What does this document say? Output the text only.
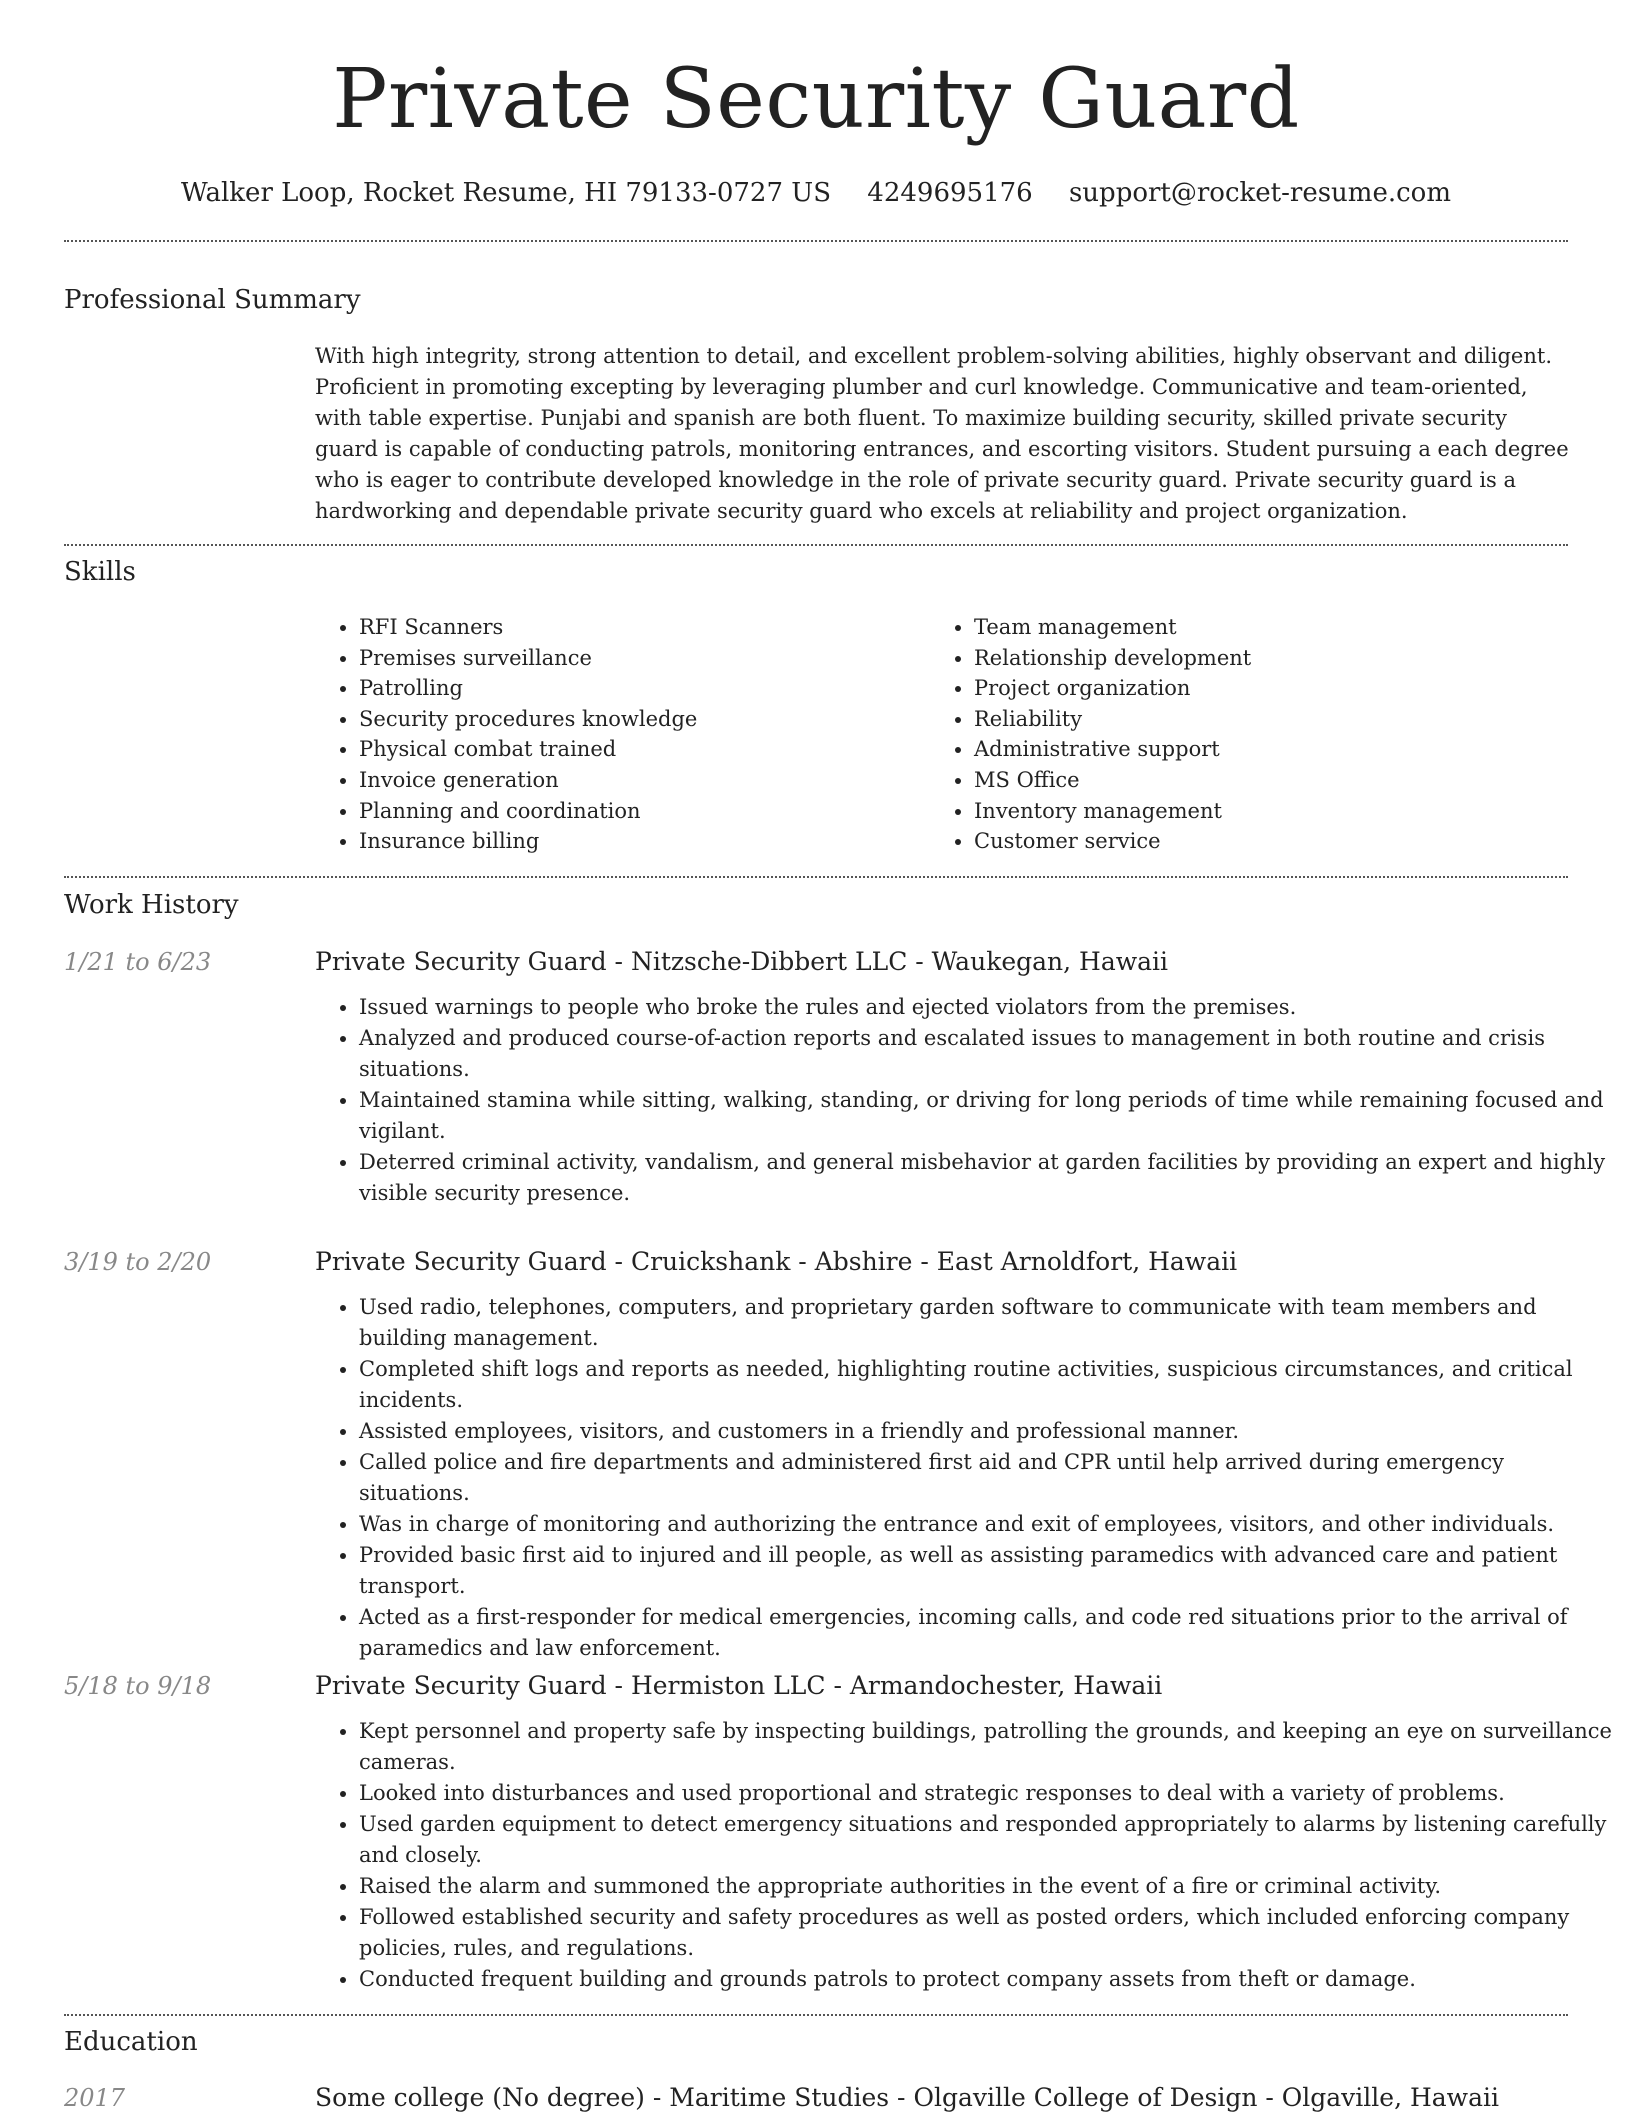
Private Security Guard
Walker Loop, Rocket Resume, HI 79133-0727 US 4249695176 support@rocket-resume.com
Professional Summary

With high integrity, strong attention to detail, and excellent problem-solving abilities, highly observant and diligent. Proficient in promoting excepting by leveraging plumber and curl knowledge. Communicative and team-oriented, with table expertise. Punjabi and spanish are both fluent. To maximize building security, skilled private security guard is capable of conducting patrols, monitoring entrances, and escorting visitors. Student pursuing a each degree who is eager to contribute developed knowledge in the role of private security guard. Private security guard is a hardworking and dependable private security guard who excels at reliability and project organization.

Skills
• RFI Scanners
• Premises surveillance
• Patrolling
• Security procedures knowledge
• Physical combat trained
• Invoice generation
• Planning and coordination
• Insurance billing
• Team management
• Relationship development
• Project organization
• Reliability
• Administrative support
• MS Office
• Inventory management
• Customer service
Work History
1/21 to 6/23	Private Security Guard - Nitzsche-Dibbert LLC - Waukegan, Hawaii
• Issued warnings to people who broke the rules and ejected violators from the premises.
• Analyzed and produced course-of-action reports and escalated issues to management in both routine and crisis situations.
• Maintained stamina while sitting, walking, standing, or driving for long periods of time while remaining focused and vigilant.
• Deterred criminal activity, vandalism, and general misbehavior at garden facilities by providing an expert and highly visible security presence.
3/19 to 2/20	Private Security Guard - Cruickshank - Abshire - East Arnoldfort, Hawaii
• Used radio, telephones, computers, and proprietary garden software to communicate with team members and building management.
• Completed shift logs and reports as needed, highlighting routine activities, suspicious circumstances, and critical incidents.
• Assisted employees, visitors, and customers in a friendly and professional manner.
• Called police and fire departments and administered first aid and CPR until help arrived during emergency situations.
• Was in charge of monitoring and authorizing the entrance and exit of employees, visitors, and other individuals.
• Provided basic first aid to injured and ill people, as well as assisting paramedics with advanced care and patient transport.
• Acted as a first-responder for medical emergencies, incoming calls, and code red situations prior to the arrival of paramedics and law enforcement.
5/18 to 9/18	Private Security Guard - Hermiston LLC - Armandochester, Hawaii
• Kept personnel and property safe by inspecting buildings, patrolling the grounds, and keeping an eye on surveillance cameras.
• Looked into disturbances and used proportional and strategic responses to deal with a variety of problems.
• Used garden equipment to detect emergency situations and responded appropriately to alarms by listening carefully and closely.
• Raised the alarm and summoned the appropriate authorities in the event of a fire or criminal activity.
• Followed established security and safety procedures as well as posted orders, which included enforcing company policies, rules, and regulations.
• Conducted frequent building and grounds patrols to protect company assets from theft or damage.
Education
2017	Some college (No degree) - Maritime Studies - Olgaville College of Design - Olgaville, Hawaii
